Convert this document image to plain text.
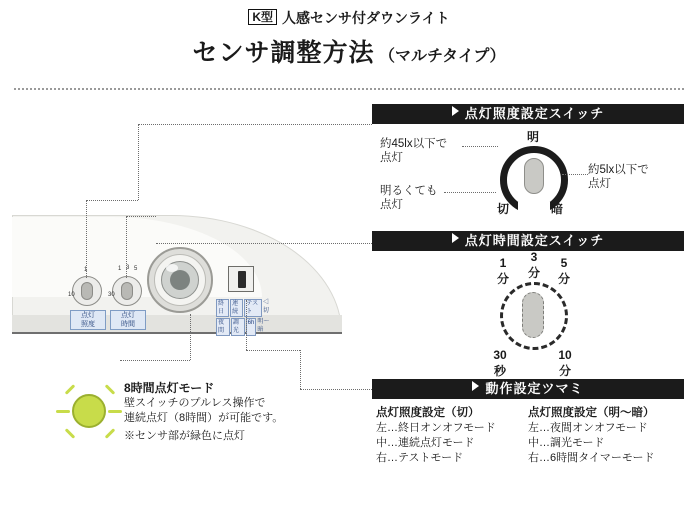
K型 人感センサ付ダウンライト
センサ調整方法 （マルチタイプ）
点灯照度設定スイッチ
点灯時間設定スイッチ
動作設定ツマミ
1
10
点灯
照度
1 3 5
30
点灯
時間
終日
連続
テスト
◁切
夜間
調光
6h 明～暗
明
切	暗
約45lx以下で
点灯
明るくても
点灯
約5lx以下で
点灯
1
分
3
分
5
分
30
秒
10
分
8時間点灯モード
壁スイッチのプルレス操作で
連続点灯（8時間）が可能です。
※センサ部が緑色に点灯
点灯照度設定（切）
左…終日オンオフモード
中…連続点灯モード
右…テストモード
点灯照度設定（明～暗）
左…夜間オンオフモード
中…調光モード
右…6時間タイマーモード
